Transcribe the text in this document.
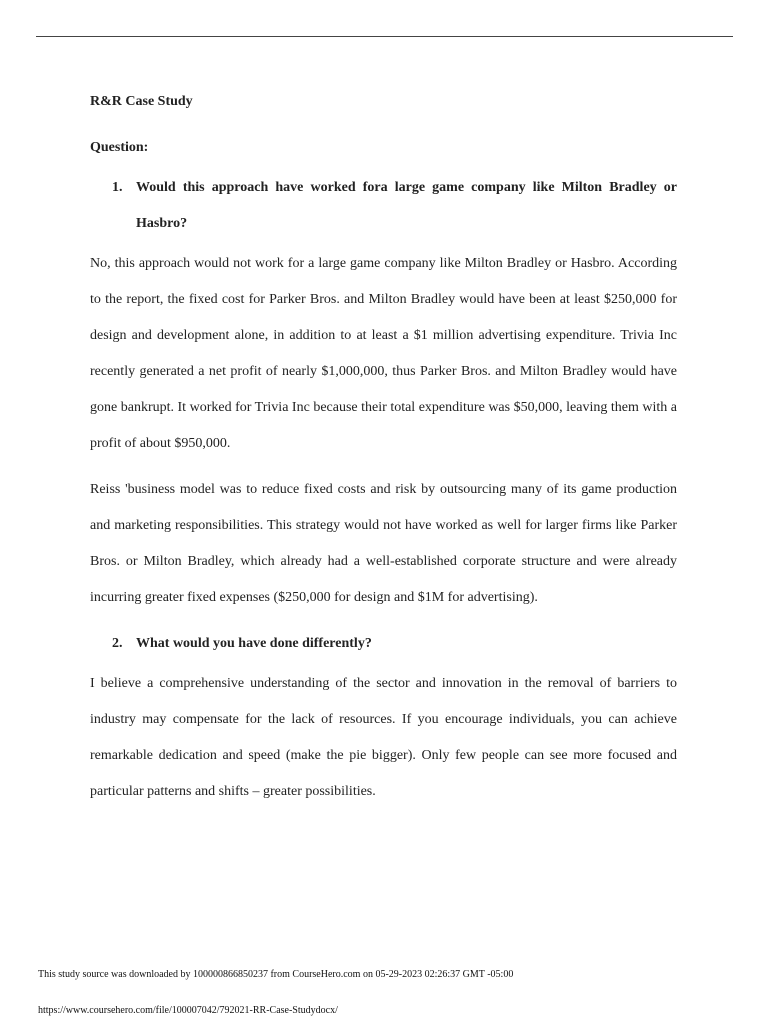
R&R Case Study

Question:

1. Would this approach have worked fora large game company like Milton Bradley or Hasbro?

No, this approach would not work for a large game company like Milton Bradley or Hasbro. According to the report, the fixed cost for Parker Bros. and Milton Bradley would have been at least $250,000 for design and development alone, in addition to at least a $1 million advertising expenditure. Trivia Inc recently generated a net profit of nearly $1,000,000, thus Parker Bros. and Milton Bradley would have gone bankrupt. It worked for Trivia Inc because their total expenditure was $50,000, leaving them with a profit of about $950,000.

Reiss 'business model was to reduce fixed costs and risk by outsourcing many of its game production and marketing responsibilities. This strategy would not have worked as well for larger firms like Parker Bros. or Milton Bradley, which already had a well-established corporate structure and were already incurring greater fixed expenses ($250,000 for design and $1M for advertising).

2. What would you have done differently?

I believe a comprehensive understanding of the sector and innovation in the removal of barriers to industry may compensate for the lack of resources. If you encourage individuals, you can achieve remarkable dedication and speed (make the pie bigger). Only few people can see more focused and particular patterns and shifts – greater possibilities.

This study source was downloaded by 100000866850237 from CourseHero.com on 05-29-2023 02:26:37 GMT -05:00
https://www.coursehero.com/file/100007042/792021-RR-Case-Studydocx/
